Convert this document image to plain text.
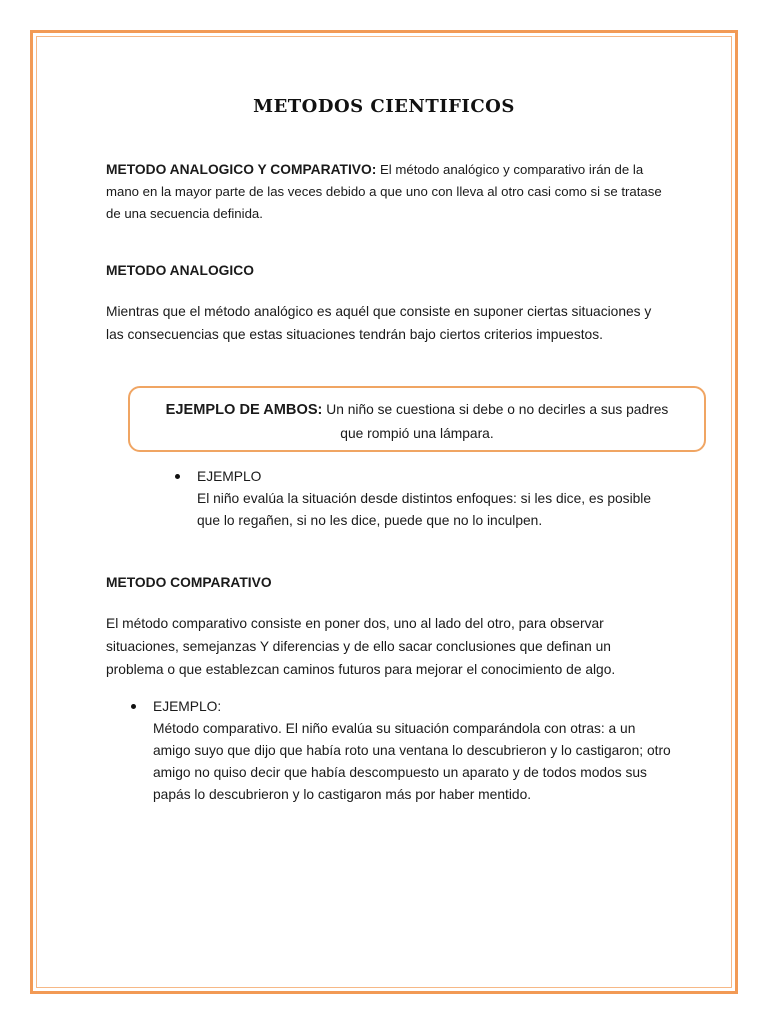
METODOS CIENTIFICOS

METODO ANALOGICO Y COMPARATIVO: El método analógico y comparativo irán de la mano en la mayor parte de las veces debido a que uno con lleva al otro casi como si se tratase de una secuencia definida.

METODO ANALOGICO

Mientras que el método analógico es aquél que consiste en suponer ciertas situaciones y las consecuencias que estas situaciones tendrán bajo ciertos criterios impuestos.

EJEMPLO DE AMBOS: Un niño se cuestiona si debe o no decirles a sus padres
que rompió una lámpara.
EJEMPLO
El niño evalúa la situación desde distintos enfoques: si les dice, es posible que lo regañen, si no les dice, puede que no lo inculpen.
METODO COMPARATIVO

El método comparativo consiste en poner dos, uno al lado del otro, para observar situaciones, semejanzas Y diferencias y de ello sacar conclusiones que definan un problema o que establezcan caminos futuros para mejorar el conocimiento de algo.

EJEMPLO:
Método comparativo. El niño evalúa su situación comparándola con otras: a un amigo suyo que dijo que había roto una ventana lo descubrieron y lo castigaron; otro amigo no quiso decir que había descompuesto un aparato y de todos modos sus papás lo descubrieron y lo castigaron más por haber mentido.
